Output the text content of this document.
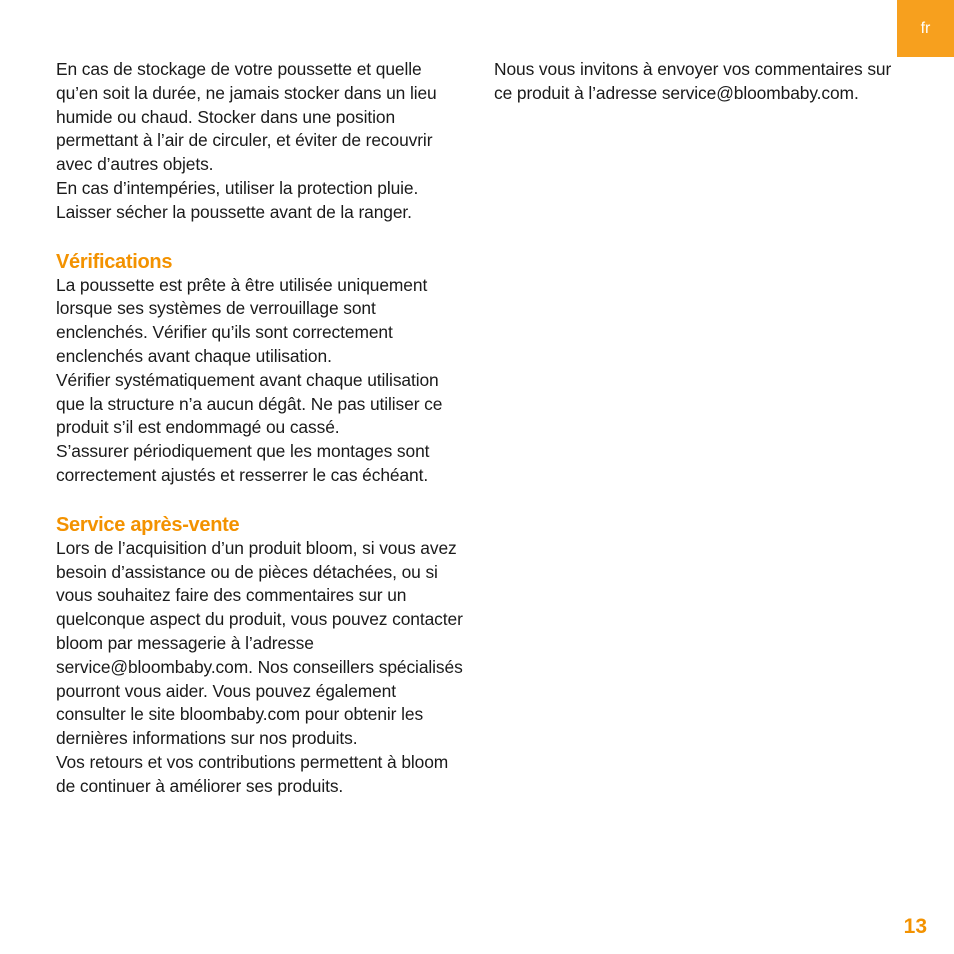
fr

En cas de stockage de votre poussette et quelle qu’en soit la durée, ne jamais stocker dans un lieu humide ou chaud. Stocker dans une position permettant à l’air de circuler, et éviter de recouvrir avec d’autres objets.

En cas d’intempéries, utiliser la protection pluie. Laisser sécher la poussette avant de la ranger.

Vérifications

La poussette est prête à être utilisée uniquement lorsque ses systèmes de verrouillage sont enclenchés. Vérifier qu’ils sont correctement enclenchés avant chaque utilisation.

Vérifier systématiquement avant chaque utilisation que la structure n’a aucun dégât. Ne pas utiliser ce produit s’il est endommagé ou cassé.

S’assurer périodiquement que les montages sont correctement ajustés et resserrer le cas échéant.

Service après-vente

Lors de l’acquisition d’un produit bloom, si vous avez besoin d’assistance ou de pièces détachées, ou si vous souhaitez faire des commentaires sur un quelconque aspect du produit, vous pouvez contacter bloom par messagerie à l’adresse service@bloombaby.com. Nos conseillers spécialisés pourront vous aider. Vous pouvez également consulter le site bloombaby.com pour obtenir les dernières informations sur nos produits.

Vos retours et vos contributions permettent à bloom de continuer à améliorer ses produits.

Nous vous invitons à envoyer vos commentaires sur ce produit à l’adresse service@bloombaby.com.

13
